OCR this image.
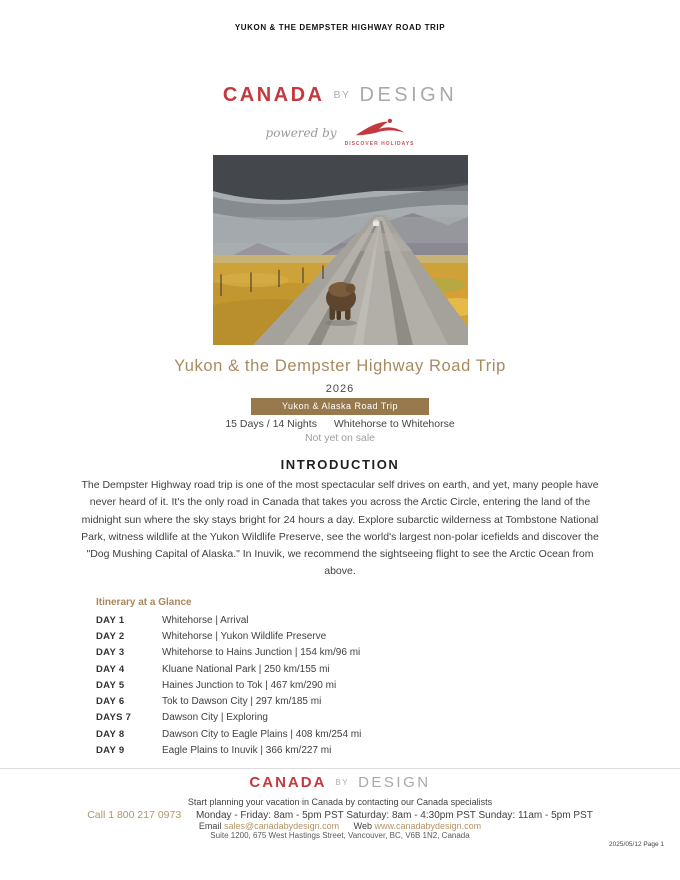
YUKON & THE DEMPSTER HIGHWAY ROAD TRIP
CANADA BY DESIGN
powered by
DISCOVER HOLIDAYS
Yukon & the Dempster Highway Road Trip
2026
Yukon & Alaska Road Trip
15 Days / 14 Nights Whitehorse to Whitehorse
Not yet on sale
INTRODUCTION
The Dempster Highway road trip is one of the most spectacular self drives on earth, and yet, many people have never heard of it. It's the only road in Canada that takes you across the Arctic Circle, entering the land of the midnight sun where the sky stays bright for 24 hours a day. Explore subarctic wilderness at Tombstone National Park, witness wildlife at the Yukon Wildlife Preserve, see the world's largest non-polar icefields and discover the "Dog Mushing Capital of Alaska." In Inuvik, we recommend the sightseeing flight to see the Arctic Ocean from above.
Itinerary at a Glance
DAY 1	Whitehorse | Arrival
DAY 2	Whitehorse | Yukon Wildlife Preserve
DAY 3	Whitehorse to Hains Junction | 154 km/96 mi
DAY 4	Kluane National Park | 250 km/155 mi
DAY 5	Haines Junction to Tok | 467 km/290 mi
DAY 6	Tok to Dawson City | 297 km/185 mi
DAYS 7	Dawson City | Exploring
DAY 8	Dawson City to Eagle Plains | 408 km/254 mi
DAY 9	Eagle Plains to Inuvik | 366 km/227 mi
CANADA BY DESIGN
Start planning your vacation in Canada by contacting our Canada specialists
Call 1 800 217 0973 Monday - Friday: 8am - 5pm PST Saturday: 8am - 4:30pm PST Sunday: 11am - 5pm PST
Email sales@canadabydesign.com Web www.canadabydesign.com
Suite 1200, 675 West Hastings Street, Vancouver, BC, V6B 1N2, Canada
2025/05/12 Page 1
